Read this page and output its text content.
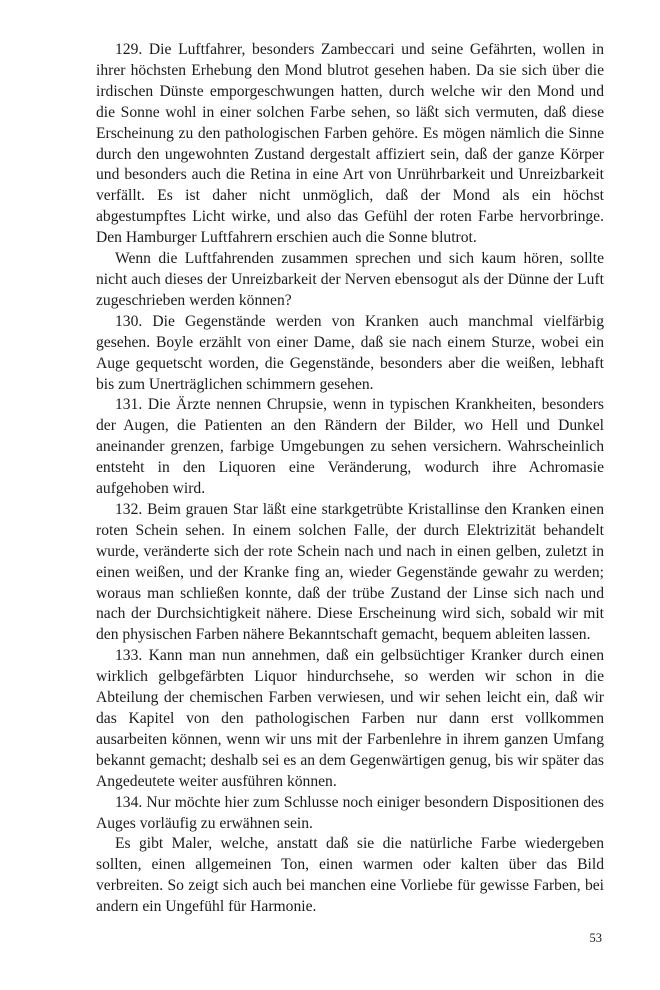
129. Die Luftfahrer, besonders Zambeccari und seine Gefährten, wollen in ihrer höchsten Erhebung den Mond blutrot gesehen haben. Da sie sich über die irdischen Dünste emporgeschwungen hatten, durch welche wir den Mond und die Sonne wohl in einer solchen Farbe sehen, so läßt sich vermuten, daß diese Erscheinung zu den pathologischen Farben gehöre. Es mögen nämlich die Sinne durch den ungewohnten Zustand dergestalt affiziert sein, daß der ganze Körper und besonders auch die Retina in eine Art von Unrührbarkeit und Unreizbarkeit verfällt. Es ist daher nicht unmöglich, daß der Mond als ein höchst abgestumpftes Licht wirke, und also das Gefühl der roten Farbe hervorbringe. Den Hamburger Luftfahrern erschien auch die Sonne blutrot.

Wenn die Luftfahrenden zusammen sprechen und sich kaum hören, sollte nicht auch dieses der Unreizbarkeit der Nerven ebensogut als der Dünne der Luft zugeschrieben werden können?

130. Die Gegenstände werden von Kranken auch manchmal vielfärbig gesehen. Boyle erzählt von einer Dame, daß sie nach einem Sturze, wobei ein Auge gequetscht worden, die Gegenstände, besonders aber die weißen, lebhaft bis zum Unerträglichen schimmern gesehen.

131. Die Ärzte nennen Chrupsie, wenn in typischen Krankheiten, besonders der Augen, die Patienten an den Rändern der Bilder, wo Hell und Dunkel aneinander grenzen, farbige Umgebungen zu sehen versichern. Wahrscheinlich entsteht in den Liquoren eine Veränderung, wodurch ihre Achromasie aufgehoben wird.

132. Beim grauen Star läßt eine starkgetrübte Kristallinse den Kranken einen roten Schein sehen. In einem solchen Falle, der durch Elektrizität behandelt wurde, veränderte sich der rote Schein nach und nach in einen gelben, zuletzt in einen weißen, und der Kranke fing an, wieder Gegenstände gewahr zu werden; woraus man schließen konnte, daß der trübe Zustand der Linse sich nach und nach der Durchsichtigkeit nähere. Diese Erscheinung wird sich, sobald wir mit den physischen Farben nähere Bekanntschaft gemacht, bequem ableiten lassen.

133. Kann man nun annehmen, daß ein gelbsüchtiger Kranker durch einen wirklich gelbgefärbten Liquor hindurchsehe, so werden wir schon in die Abteilung der chemischen Farben verwiesen, und wir sehen leicht ein, daß wir das Kapitel von den pathologischen Farben nur dann erst vollkommen ausarbeiten können, wenn wir uns mit der Farbenlehre in ihrem ganzen Umfang bekannt gemacht; deshalb sei es an dem Gegenwärtigen genug, bis wir später das Angedeutete weiter ausführen können.

134. Nur möchte hier zum Schlusse noch einiger besondern Dispositionen des Auges vorläufig zu erwähnen sein.

Es gibt Maler, welche, anstatt daß sie die natürliche Farbe wiedergeben sollten, einen allgemeinen Ton, einen warmen oder kalten über das Bild verbreiten. So zeigt sich auch bei manchen eine Vorliebe für gewisse Farben, bei andern ein Ungefühl für Harmonie.

53
